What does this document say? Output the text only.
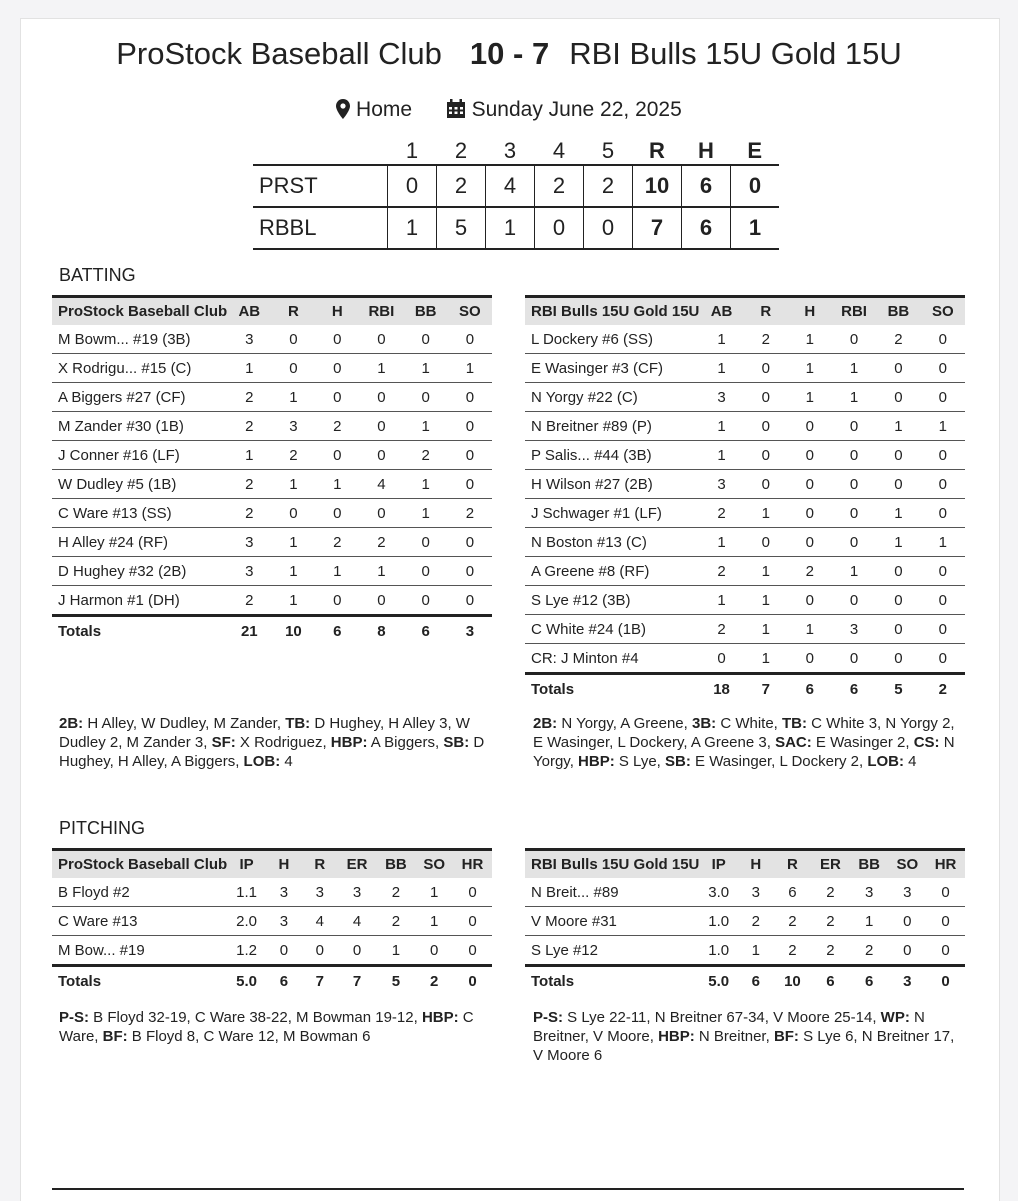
ProStock Baseball Club 10 - 7 RBI Bulls 15U Gold 15U
Home	Sunday June 22, 2025
	1	2	3	4	5	R	H	E
PRST	0	2	4	2	2	10	6	0
RBBL	1	5	1	0	0	7	6	1
BATTING
ProStock Baseball Club	AB	R	H	RBI	BB	SO
M Bowm... #19 (3B)	3	0	0	0	0	0
X Rodrigu... #15 (C)	1	0	0	1	1	1
A Biggers #27 (CF)	2	1	0	0	0	0
M Zander #30 (1B)	2	3	2	0	1	0
J Conner #16 (LF)	1	2	0	0	2	0
W Dudley #5 (1B)	2	1	1	4	1	0
C Ware #13 (SS)	2	0	0	0	1	2
H Alley #24 (RF)	3	1	2	2	0	0
D Hughey #32 (2B)	3	1	1	1	0	0
J Harmon #1 (DH)	2	1	0	0	0	0
Totals	21	10	6	8	6	3
RBI Bulls 15U Gold 15U	AB	R	H	RBI	BB	SO
L Dockery #6 (SS)	1	2	1	0	2	0
E Wasinger #3 (CF)	1	0	1	1	0	0
N Yorgy #22 (C)	3	0	1	1	0	0
N Breitner #89 (P)	1	0	0	0	1	1
P Salis... #44 (3B)	1	0	0	0	0	0
H Wilson #27 (2B)	3	0	0	0	0	0
J Schwager #1 (LF)	2	1	0	0	1	0
N Boston #13 (C)	1	0	0	0	1	1
A Greene #8 (RF)	2	1	2	1	0	0
S Lye #12 (3B)	1	1	0	0	0	0
C White #24 (1B)	2	1	1	3	0	0
CR: J Minton #4	0	1	0	0	0	0
Totals	18	7	6	6	5	2
2B: H Alley, W Dudley, M Zander, TB: D Hughey, H Alley 3, W Dudley 2, M Zander 3, SF: X Rodriguez, HBP: A Biggers, SB: D Hughey, H Alley, A Biggers, LOB: 4
2B: N Yorgy, A Greene, 3B: C White, TB: C White 3, N Yorgy 2, E Wasinger, L Dockery, A Greene 3, SAC: E Wasinger 2, CS: N Yorgy, HBP: S Lye, SB: E Wasinger, L Dockery 2, LOB: 4
PITCHING
ProStock Baseball Club	IP	H	R	ER	BB	SO	HR
B Floyd #2	1.1	3	3	3	2	1	0
C Ware #13	2.0	3	4	4	2	1	0
M Bow... #19	1.2	0	0	0	1	0	0
Totals	5.0	6	7	7	5	2	0
RBI Bulls 15U Gold 15U	IP	H	R	ER	BB	SO	HR
N Breit... #89	3.0	3	6	2	3	3	0
V Moore #31	1.0	2	2	2	1	0	0
S Lye #12	1.0	1	2	2	2	0	0
Totals	5.0	6	10	6	6	3	0
P-S: B Floyd 32-19, C Ware 38-22, M Bowman 19-12, HBP: C Ware, BF: B Floyd 8, C Ware 12, M Bowman 6
P-S: S Lye 22-11, N Breitner 67-34, V Moore 25-14, WP: N Breitner, V Moore, HBP: N Breitner, BF: S Lye 6, N Breitner 17, V Moore 6
